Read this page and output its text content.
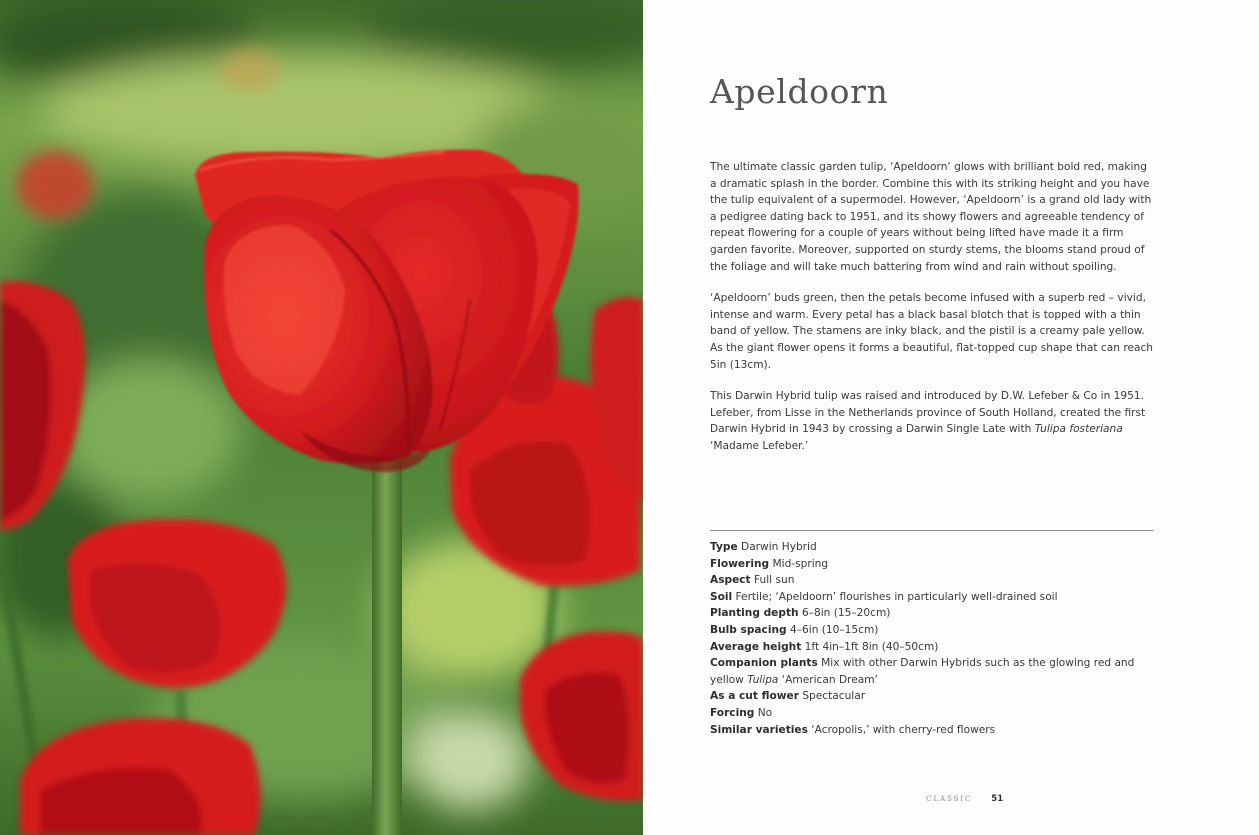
Apeldoorn

The ultimate classic garden tulip, ‘Apeldoorn’ glows with brilliant bold red, making a dramatic splash in the border. Combine this with its striking height and you have the tulip equivalent of a supermodel. However, ‘Apeldoorn’ is a grand old lady with a pedigree dating back to 1951, and its showy flowers and agreeable tendency of repeat flowering for a couple of years without being lifted have made it a firm garden favorite. Moreover, supported on sturdy stems, the blooms stand proud of the foliage and will take much battering from wind and rain without spoiling.

‘Apeldoorn’ buds green, then the petals become infused with a superb red – vivid, intense and warm. Every petal has a black basal blotch that is topped with a thin band of yellow. The stamens are inky black, and the pistil is a creamy pale yellow. As the giant flower opens it forms a beautiful, flat-topped cup shape that can reach 5in (13cm).

This Darwin Hybrid tulip was raised and introduced by D.W. Lefeber & Co in 1951. Lefeber, from Lisse in the Netherlands province of South Holland, created the first Darwin Hybrid in 1943 by crossing a Darwin Single Late with Tulipa fosteriana ‘Madame Lefeber.’

Type Darwin Hybrid
Flowering Mid-spring
Aspect Full sun
Soil Fertile; ‘Apeldoorn’ flourishes in particularly well-drained soil
Planting depth 6–8in (15–20cm)
Bulb spacing 4–6in (10–15cm)
Average height 1ft 4in–1ft 8in (40–50cm)
Companion plants Mix with other Darwin Hybrids such as the glowing red and yellow Tulipa ‘American Dream’
As a cut flower Spectacular
Forcing No
Similar varieties ‘Acropolis,’ with cherry-red flowers
CLASSIC 51
